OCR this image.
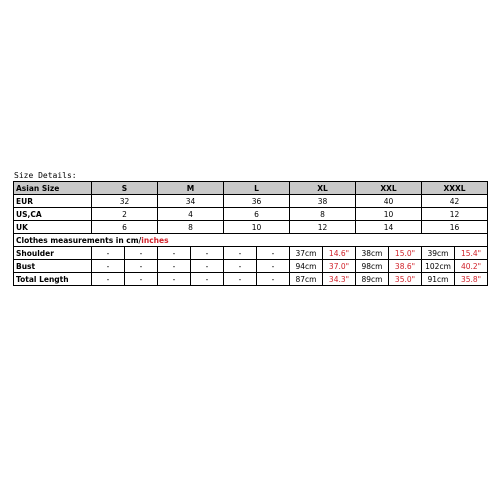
Size Details:
Asian Size	S		M		L		XL		XXL		XXXL	
EUR	32		34		36		38		40		42	
US,CA	2		4		6		8		10		12	
UK	6		8		10		12		14		16	
Clothes measurements in cm/inches												
Shoulder	-	-	-	-	-	-	37cm	14.6"	38cm	15.0"	39cm	15.4"
Bust	-	-	-	-	-	-	94cm	37.0"	98cm	38.6"	102cm	40.2"
Total Length	-	-	-	-	-	-	87cm	34.3"	89cm	35.0"	91cm	35.8"
